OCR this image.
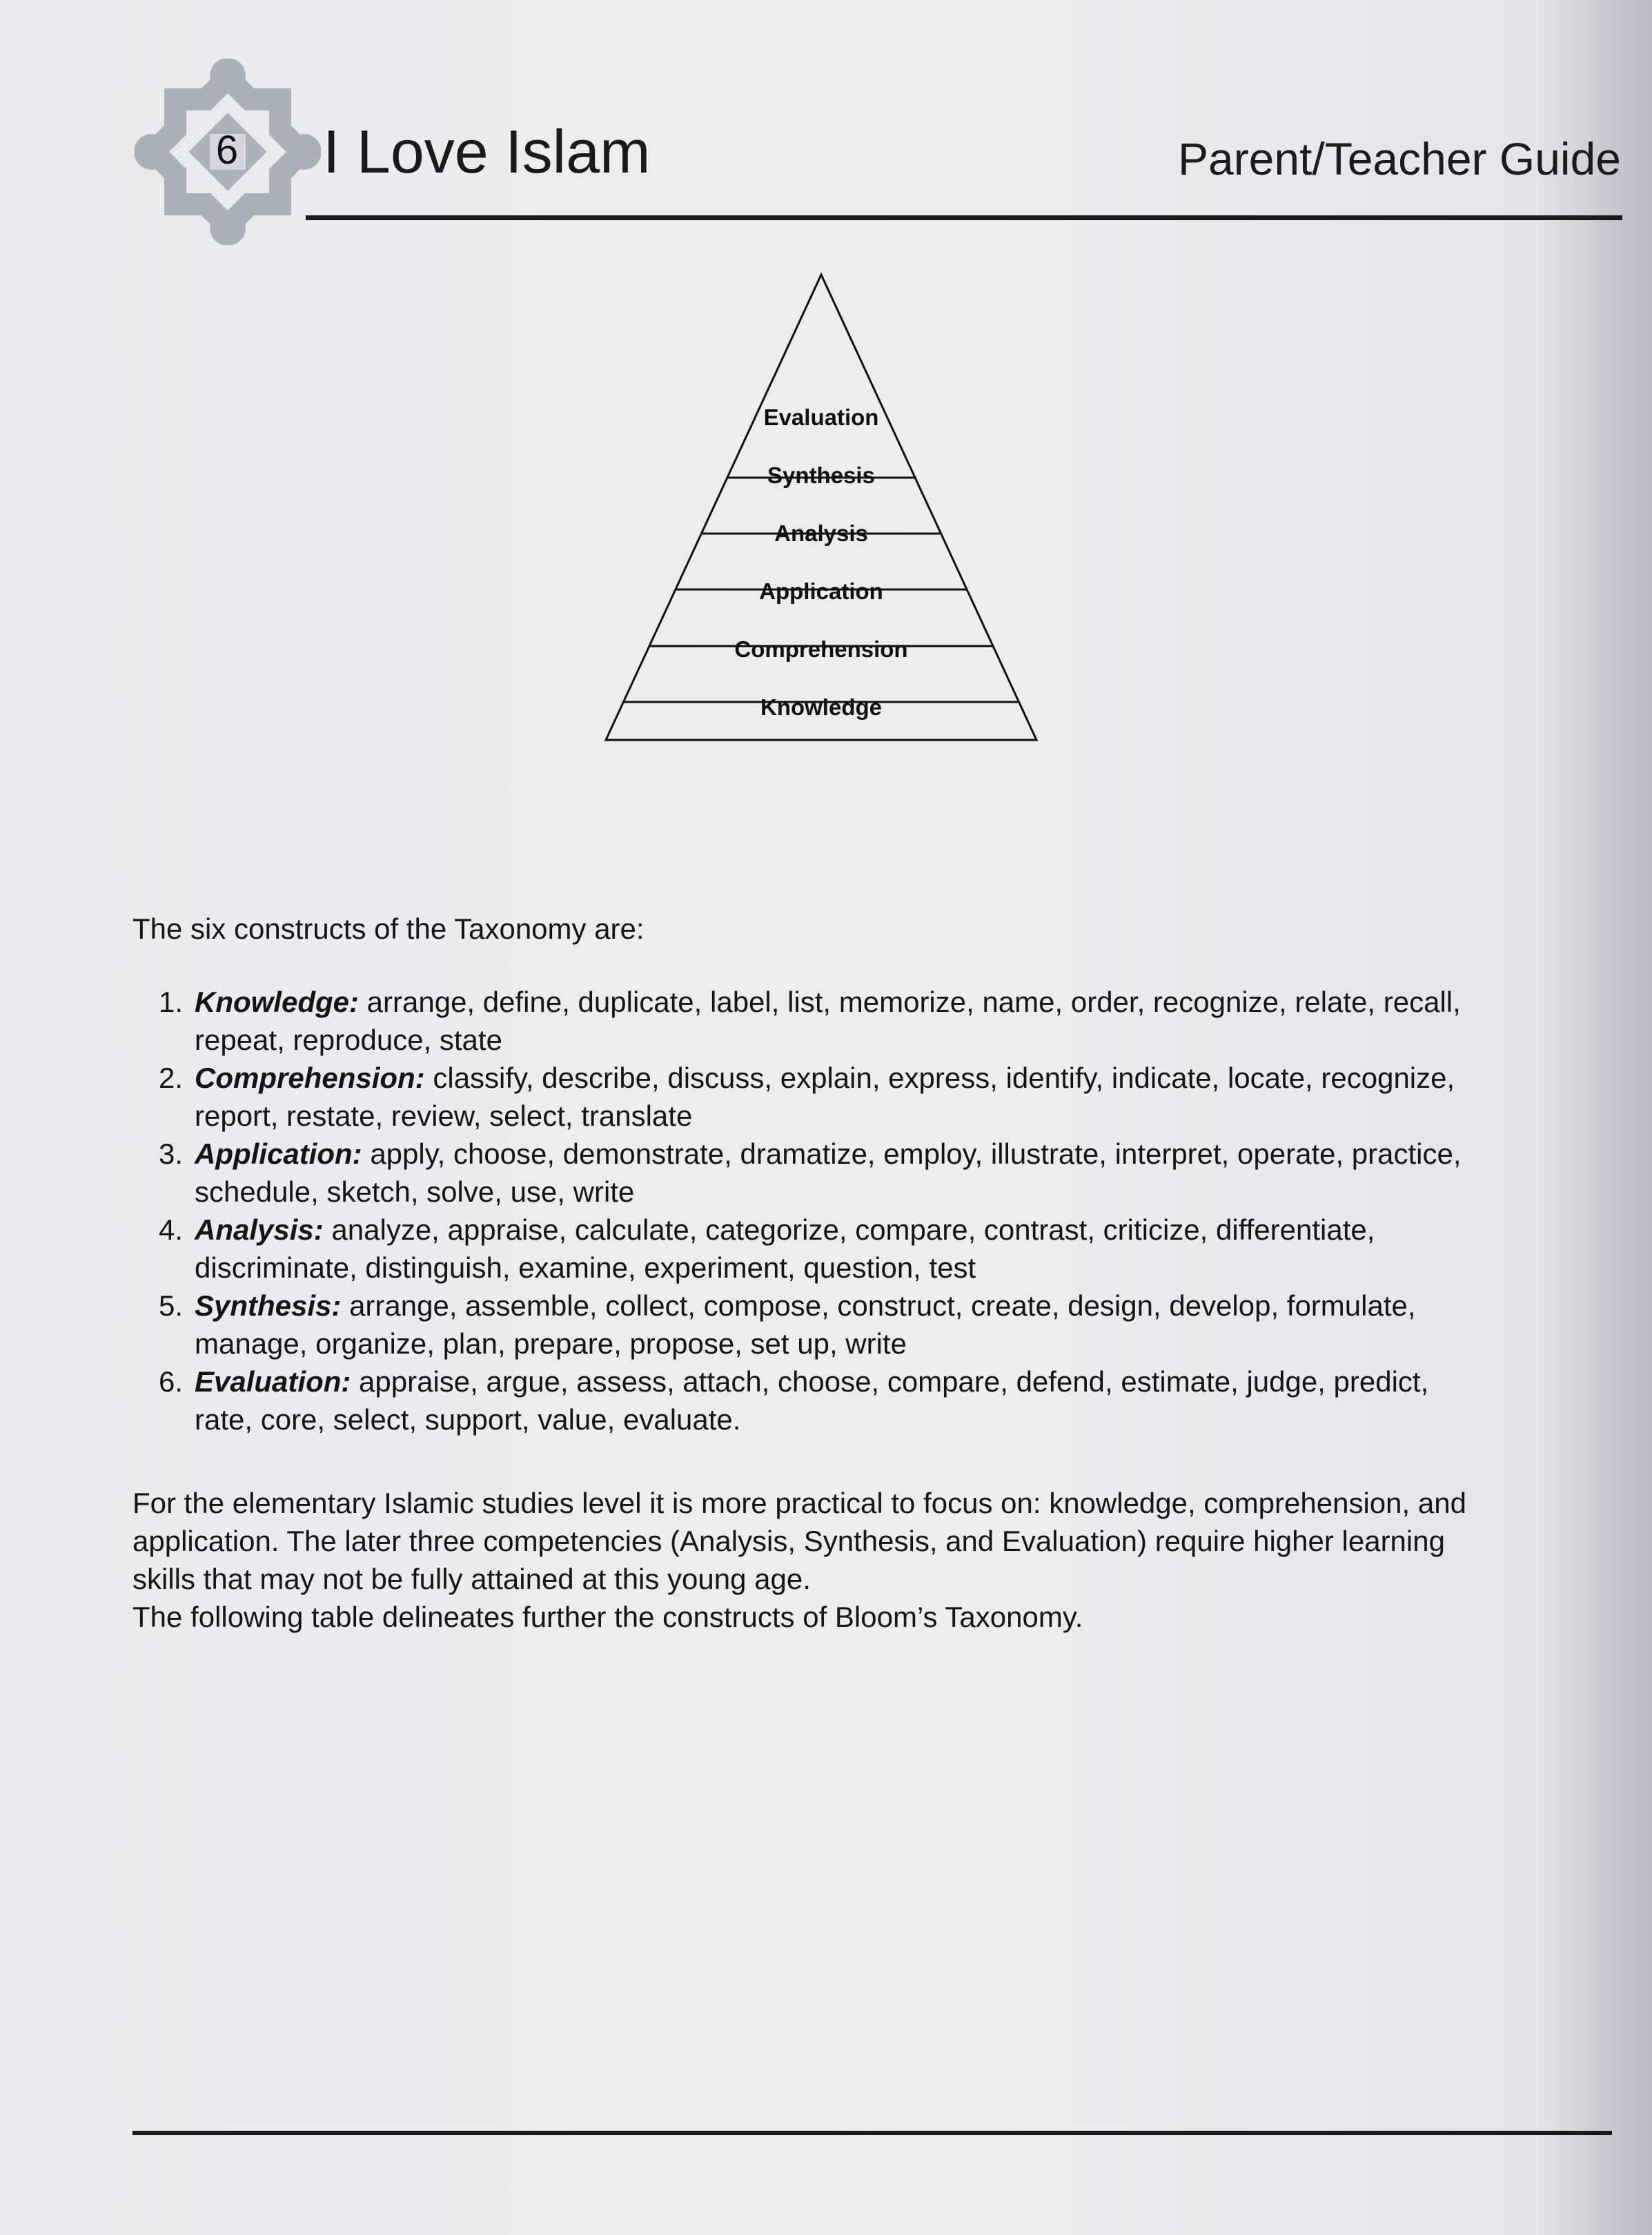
6 I Love Islam	Parent/Teacher Guide
Evaluation
Synthesis
Analysis
Application
Comprehension
Knowledge
The six constructs of the Taxonomy are:
1. Knowledge: arrange, define, duplicate, label, list, memorize, name, order, recognize, relate, recall,
repeat, reproduce, state
2. Comprehension: classify, describe, discuss, explain, express, identify, indicate, locate, recognize,
report, restate, review, select, translate
3. Application: apply, choose, demonstrate, dramatize, employ, illustrate, interpret, operate, practice,
schedule, sketch, solve, use, write
4. Analysis: analyze, appraise, calculate, categorize, compare, contrast, criticize, differentiate,
discriminate, distinguish, examine, experiment, question, test
5. Synthesis: arrange, assemble, collect, compose, construct, create, design, develop, formulate,
manage, organize, plan, prepare, propose, set up, write
6. Evaluation: appraise, argue, assess, attach, choose, compare, defend, estimate, judge, predict,
rate, core, select, support, value, evaluate.

For the elementary Islamic studies level it is more practical to focus on: knowledge, comprehension, and

application. The later three competencies (Analysis, Synthesis, and Evaluation) require higher learning

skills that may not be fully attained at this young age.

The following table delineates further the constructs of Bloom’s Taxonomy.
